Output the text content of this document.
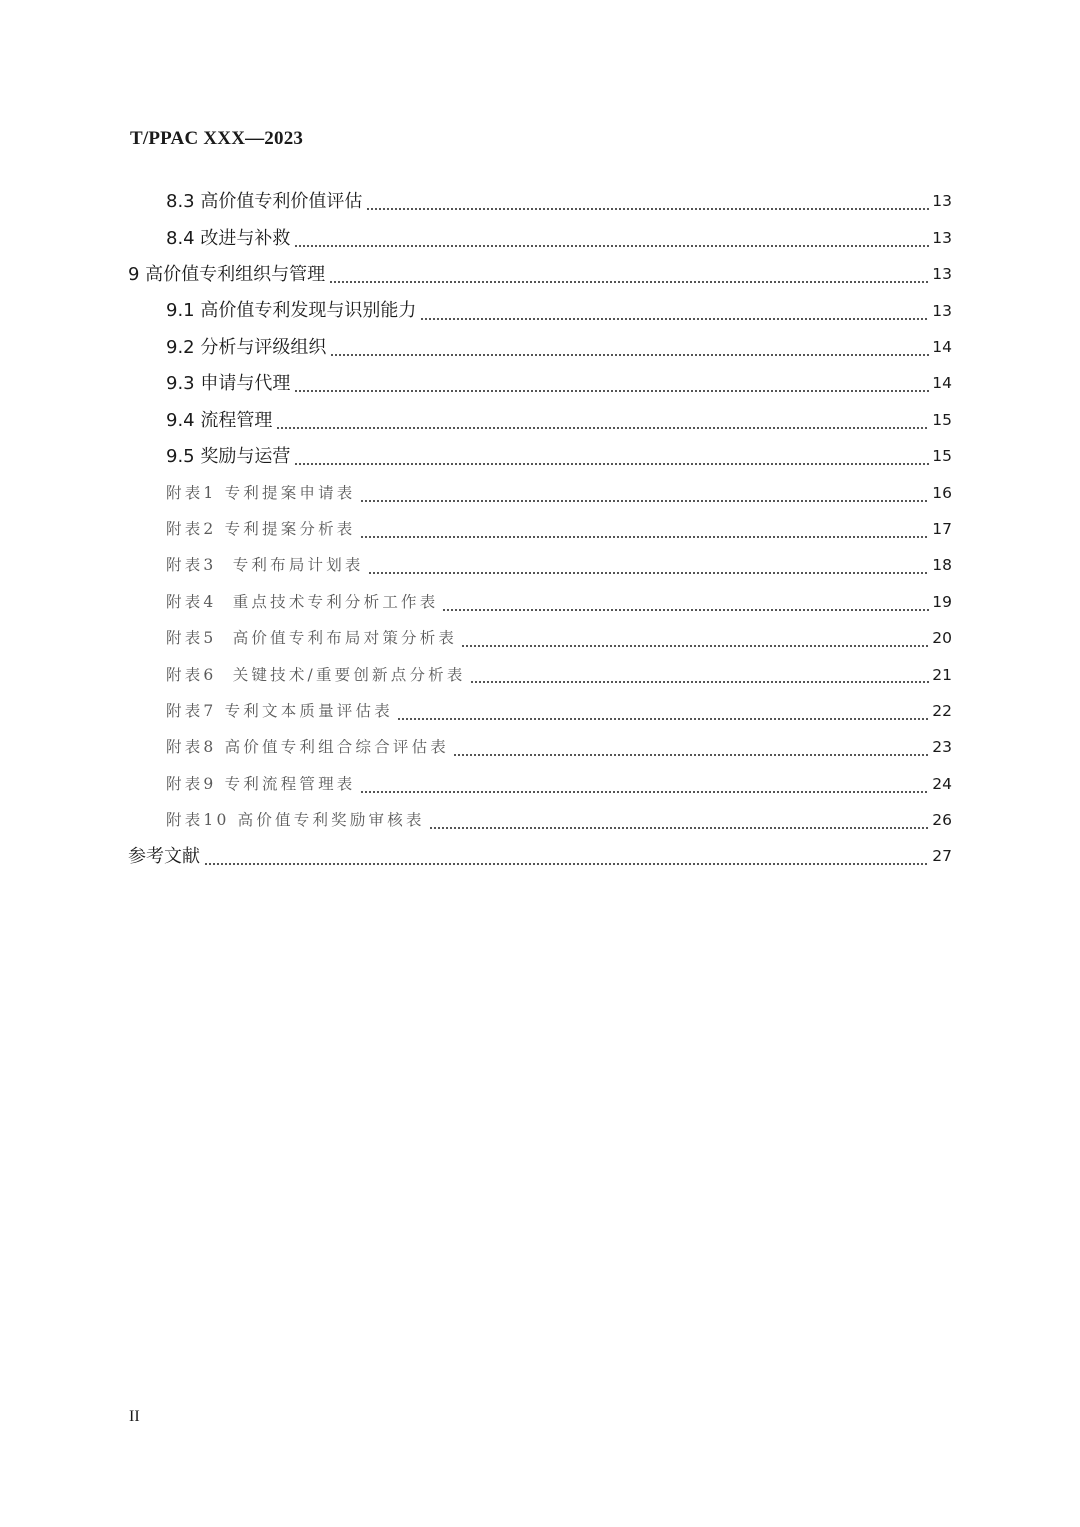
T/PPAC XXX—2023
8.3 高价值专利价值评估	13
8.4 改进与补救	13
9 高价值专利组织与管理	13
9.1 高价值专利发现与识别能力	13
9.2 分析与评级组织	14
9.3 申请与代理	14
9.4 流程管理	15
9.5 奖励与运营	15
附表1 专利提案申请表	16
附表2 专利提案分析表	17
附表3  专利布局计划表	18
附表4  重点技术专利分析工作表	19
附表5  高价值专利布局对策分析表	20
附表6  关键技术/重要创新点分析表	21
附表7 专利文本质量评估表	22
附表8 高价值专利组合综合评估表	23
附表9 专利流程管理表	24
附表10 高价值专利奖励审核表	26
参考文献	27
II
